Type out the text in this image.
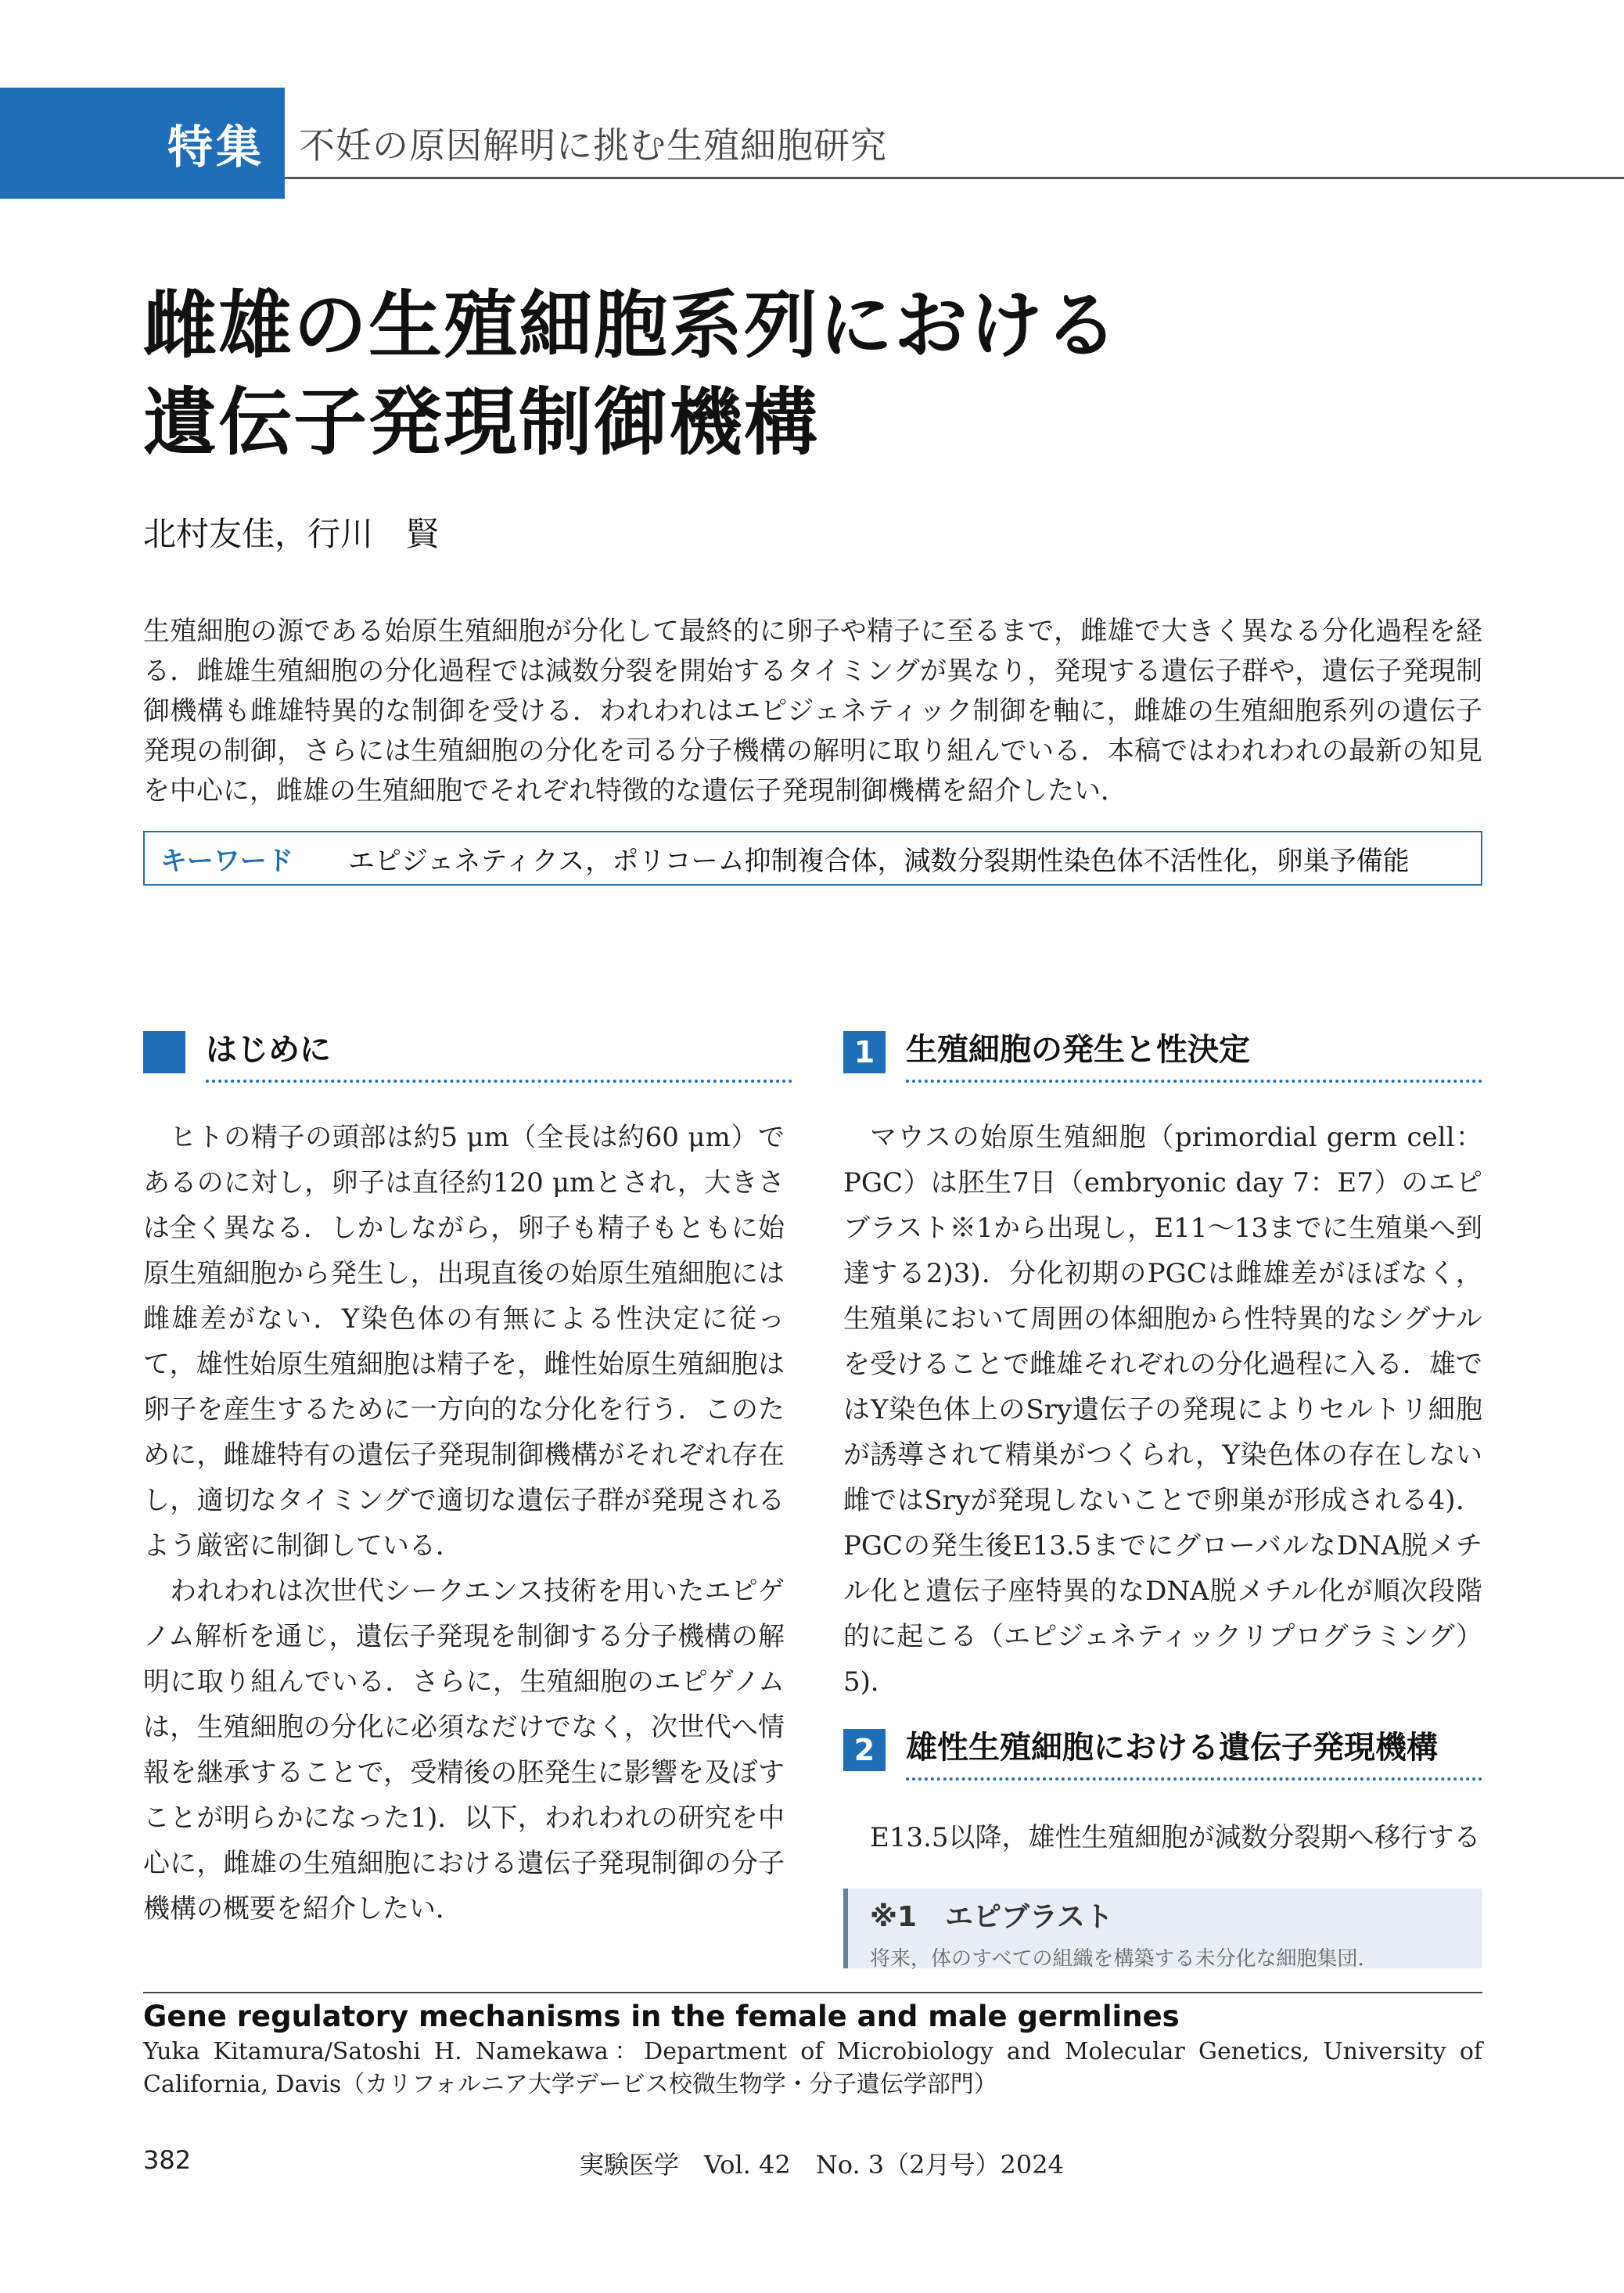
特集 不妊の原因解明に挑む生殖細胞研究
雌雄の生殖細胞系列における
遺伝子発現制御機構
北村友佳，行川　賢
生殖細胞の源である始原生殖細胞が分化して最終的に卵子や精子に至るまで，雌雄で大きく異なる分化過程を経る．雌雄生殖細胞の分化過程では減数分裂を開始するタイミングが異なり，発現する遺伝子群や，遺伝子発現制御機構も雌雄特異的な制御を受ける．われわれはエピジェネティック制御を軸に，雌雄の生殖細胞系列の遺伝子発現の制御，さらには生殖細胞の分化を司る分子機構の解明に取り組んでいる．本稿ではわれわれの最新の知見を中心に，雌雄の生殖細胞でそれぞれ特徴的な遺伝子発現制御機構を紹介したい．
キーワード	エピジェネティクス，ポリコーム抑制複合体，減数分裂期性染色体不活性化，卵巣予備能
はじめに

ヒトの精子の頭部は約5 μm（全長は約60 μm）であるのに対し，卵子は直径約120 μmとされ，大きさは全く異なる．しかしながら，卵子も精子もともに始原生殖細胞から発生し，出現直後の始原生殖細胞には雌雄差がない．Y染色体の有無による性決定に従って，雄性始原生殖細胞は精子を，雌性始原生殖細胞は卵子を産生するために一方向的な分化を行う．このために，雌雄特有の遺伝子発現制御機構がそれぞれ存在し，適切なタイミングで適切な遺伝子群が発現されるよう厳密に制御している．

われわれは次世代シークエンス技術を用いたエピゲノム解析を通じ，遺伝子発現を制御する分子機構の解明に取り組んでいる．さらに，生殖細胞のエピゲノムは，生殖細胞の分化に必須なだけでなく，次世代へ情報を継承することで，受精後の胚発生に影響を及ぼすことが明らかになった1)．以下，われわれの研究を中心に，雌雄の生殖細胞における遺伝子発現制御の分子機構の概要を紹介したい．

1 生殖細胞の発生と性決定

マウスの始原生殖細胞（primordial germ cell：PGC）は胚生7日（embryonic day 7：E7）のエピブラスト※1から出現し，E11～13までに生殖巣へ到達する2)3)．分化初期のPGCは雌雄差がほぼなく，生殖巣において周囲の体細胞から性特異的なシグナルを受けることで雌雄それぞれの分化過程に入る．雄ではY染色体上のSry遺伝子の発現によりセルトリ細胞が誘導されて精巣がつくられ，Y染色体の存在しない雌ではSryが発現しないことで卵巣が形成される4)．PGCの発生後E13.5までにグローバルなDNA脱メチル化と遺伝子座特異的なDNA脱メチル化が順次段階的に起こる（エピジェネティックリプログラミング）5)．

2 雄性生殖細胞における遺伝子発現機構

E13.5以降，雄性生殖細胞が減数分裂期へ移行する

※1　エピブラスト
将来，体のすべての組織を構築する未分化な細胞集団．
Gene regulatory mechanisms in the female and male germlines
Yuka Kitamura/Satoshi H. Namekawa：Department of Microbiology and Molecular Genetics, University of California, Davis（カリフォルニア大学デービス校微生物学・分子遺伝学部門）
382	実験医学　Vol. 42　No. 3（2月号）2024
